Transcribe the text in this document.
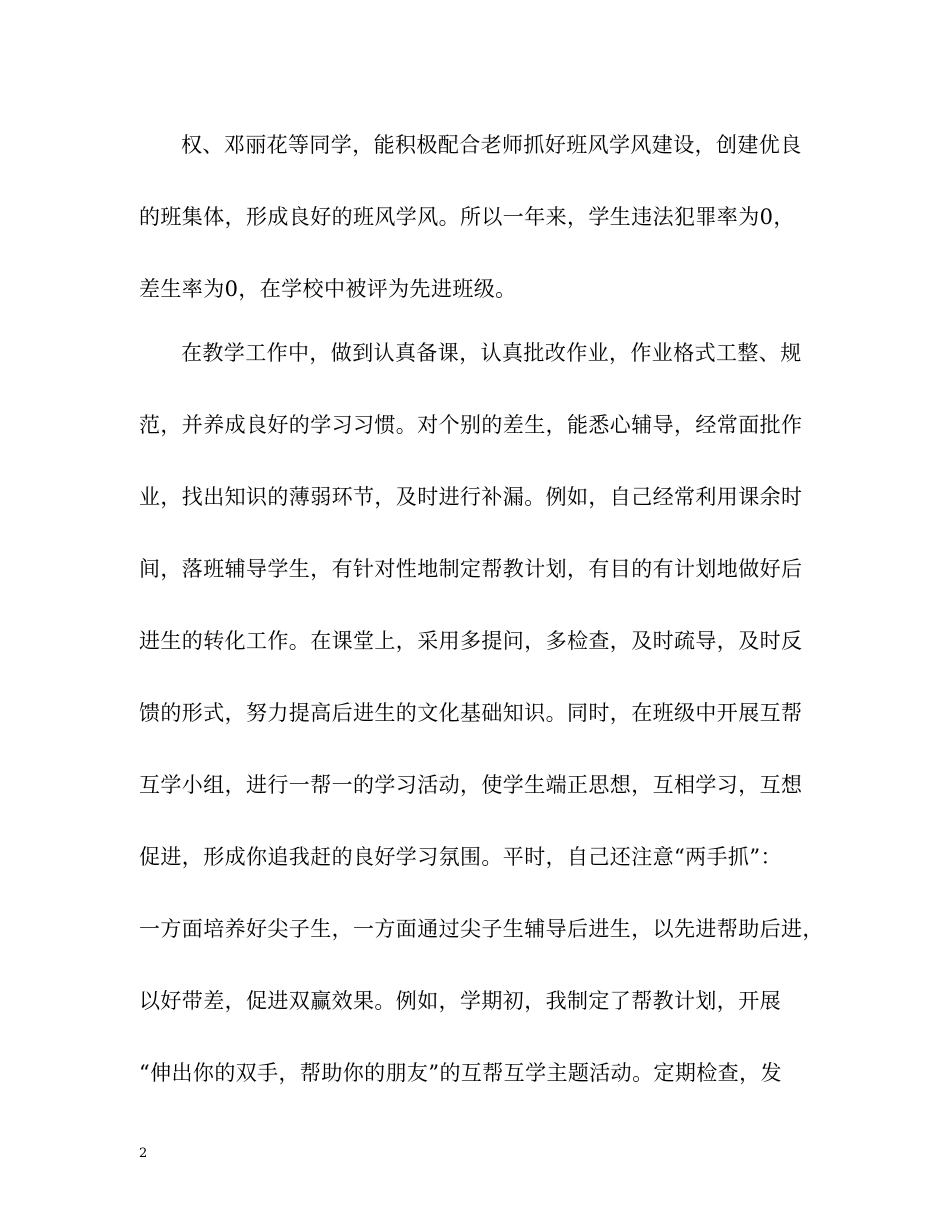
权、邓丽花等同学，能积极配合老师抓好班风学风建设，创建优良
的班集体，形成良好的班风学风。所以一年来，学生违法犯罪率为0，
差生率为0，在学校中被评为先进班级。
在教学工作中，做到认真备课，认真批改作业，作业格式工整、规
范，并养成良好的学习习惯。对个别的差生，能悉心辅导，经常面批作
业，找出知识的薄弱环节，及时进行补漏。例如，自己经常利用课余时
间，落班辅导学生，有针对性地制定帮教计划，有目的有计划地做好后
进生的转化工作。在课堂上，采用多提问，多检查，及时疏导，及时反
馈的形式，努力提高后进生的文化基础知识。同时，在班级中开展互帮
互学小组，进行一帮一的学习活动，使学生端正思想，互相学习，互想
促进，形成你追我赶的良好学习氛围。平时，自己还注意“两手抓”：
一方面培养好尖子生，一方面通过尖子生辅导后进生，以先进帮助后进，
以好带差，促进双赢效果。例如，学期初，我制定了帮教计划，开展
“伸出你的双手，帮助你的朋友”的互帮互学主题活动。定期检查，发
2
